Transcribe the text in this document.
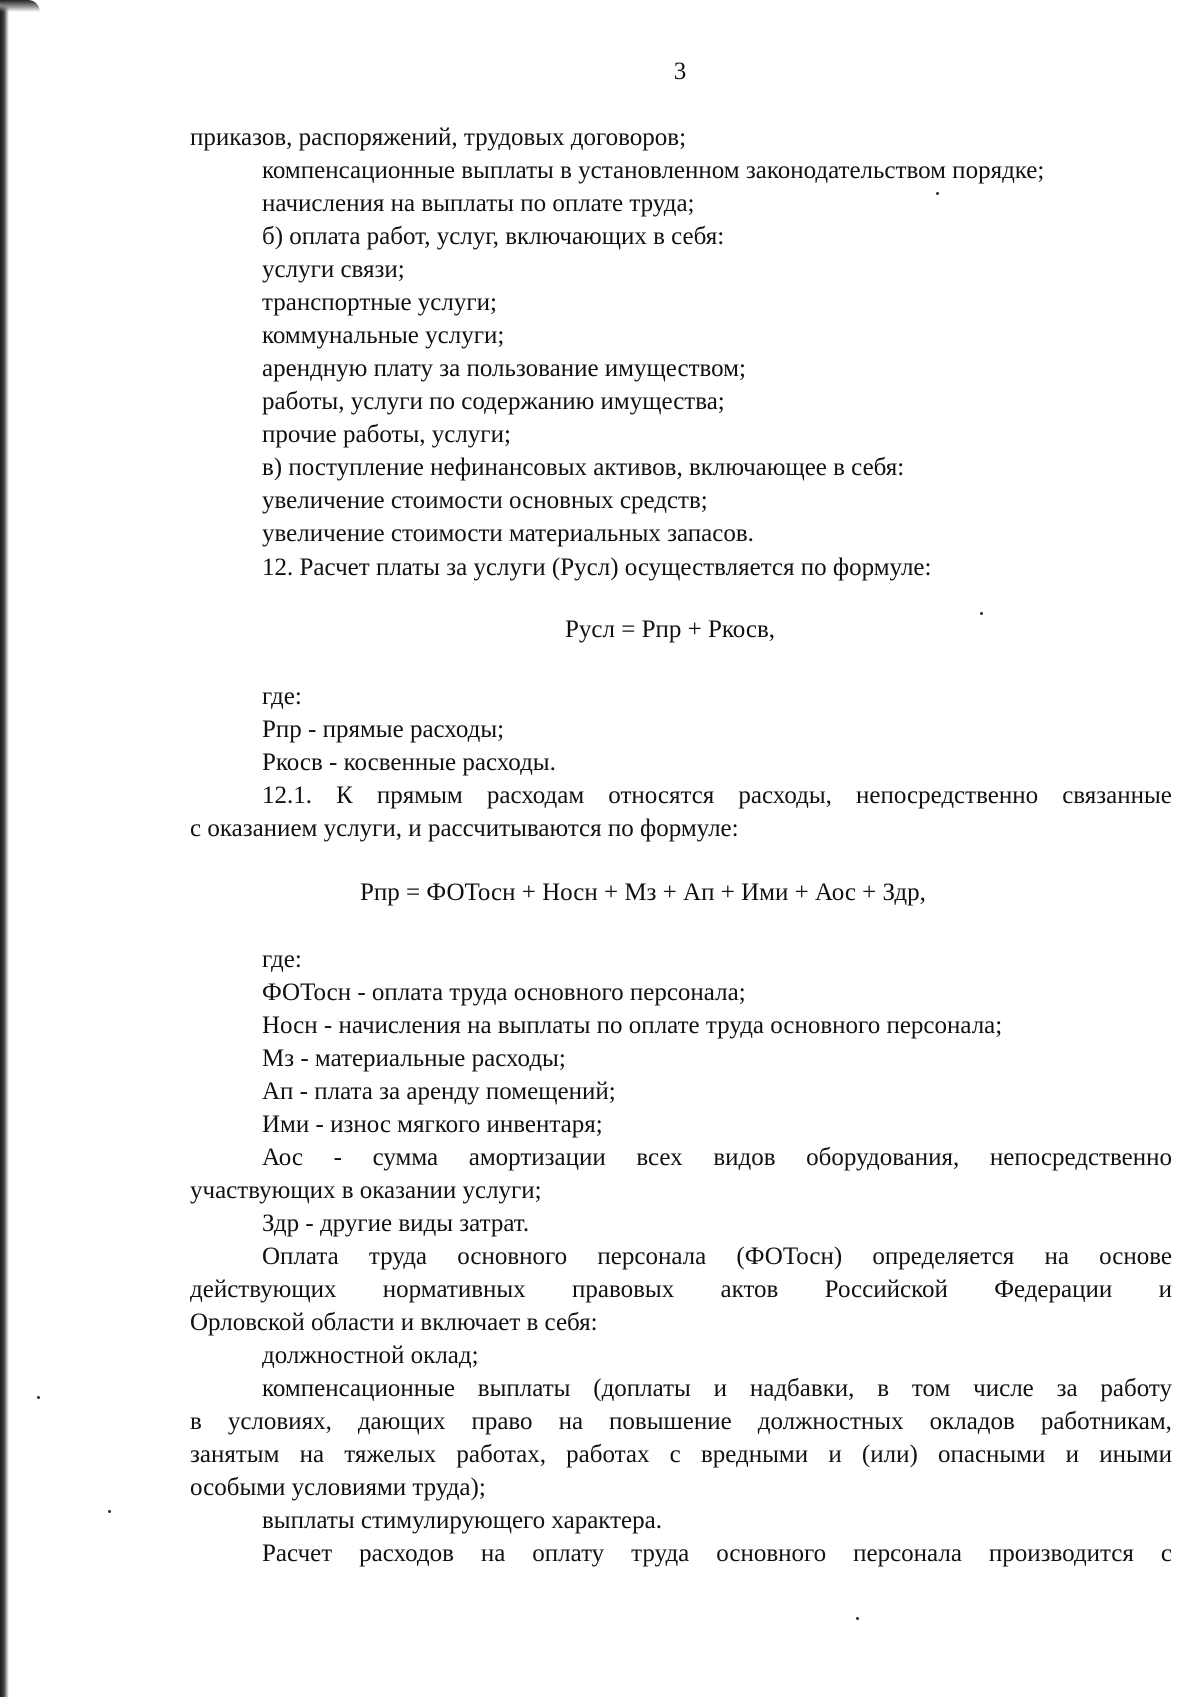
3
приказов, распоряжений, трудовых договоров;
компенсационные выплаты в установленном законодательством порядке;
начисления на выплаты по оплате труда;
б) оплата работ, услуг, включающих в себя:
услуги связи;
транспортные услуги;
коммунальные услуги;
арендную плату за пользование имуществом;
работы, услуги по содержанию имущества;
прочие работы, услуги;
в) поступление нефинансовых активов, включающее в себя:
увеличение стоимости основных средств;
увеличение стоимости материальных запасов.
12. Расчет платы за услуги (Русл) осуществляется по формуле:
Русл = Рпр + Ркосв,
где:
Рпр - прямые расходы;
Ркосв - косвенные расходы.
12.1. К прямым расходам относятся расходы, непосредственно связанные
с оказанием услуги, и рассчитываются по формуле:
Рпр = ФОТосн + Носн + Мз + Ап + Ими + Аос + Здр,
где:
ФОТосн - оплата труда основного персонала;
Носн - начисления на выплаты по оплате труда основного персонала;
Мз - материальные расходы;
Ап - плата за аренду помещений;
Ими - износ мягкого инвентаря;
Аос - сумма амортизации всех видов оборудования, непосредственно
участвующих в оказании услуги;
Здр - другие виды затрат.
Оплата труда основного персонала (ФОТосн) определяется на основе
действующих нормативных правовых актов Российской Федерации и
Орловской области и включает в себя:
должностной оклад;
компенсационные выплаты (доплаты и надбавки, в том числе за работу
в условиях, дающих право на повышение должностных окладов работникам,
занятым на тяжелых работах, работах с вредными и (или) опасными и иными
особыми условиями труда);
выплаты стимулирующего характера.
Расчет расходов на оплату труда основного персонала производится с
